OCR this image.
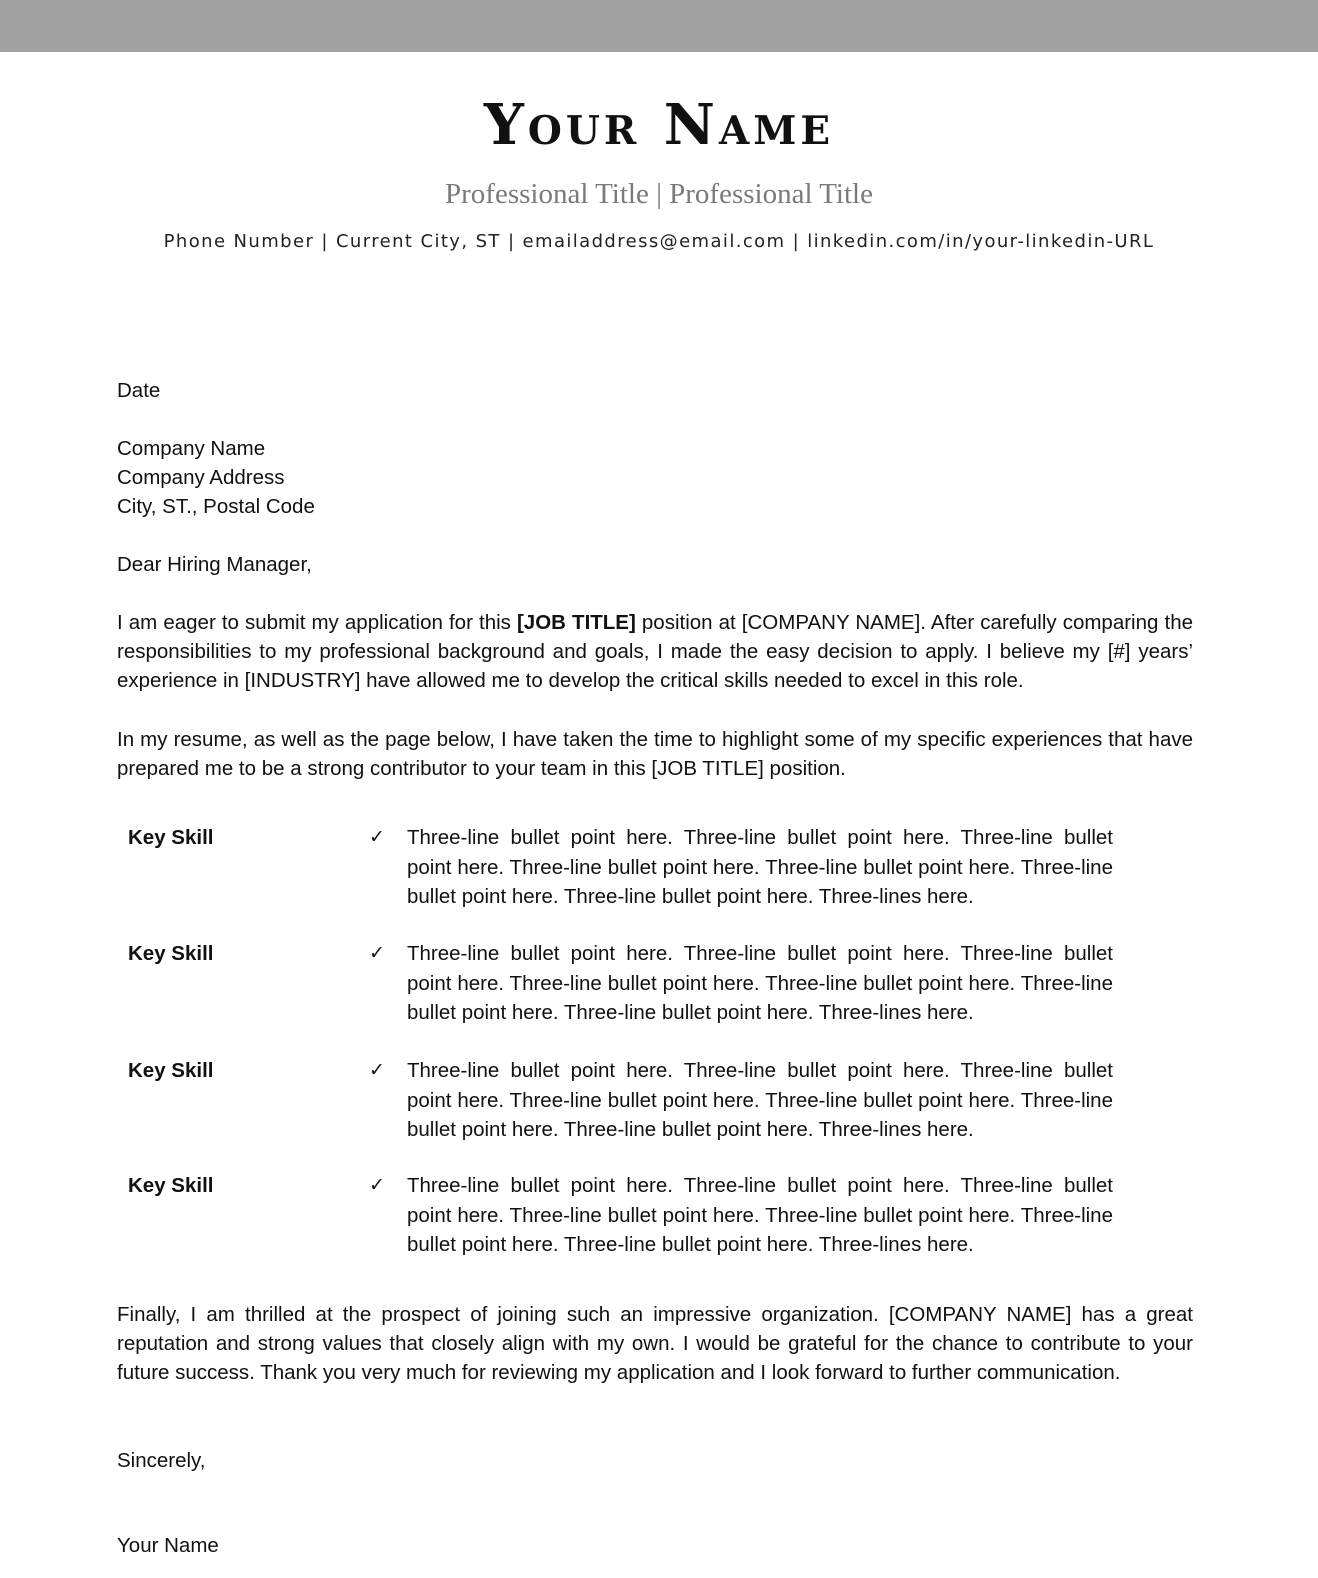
Your Name
Professional Title | Professional Title
Phone Number | Current City, ST | emailaddress@email.com | linkedin.com/in/your-linkedin-URL
Date
Company Name
Company Address
City, ST., Postal Code
Dear Hiring Manager,
I am eager to submit my application for this [JOB TITLE] position at [COMPANY NAME]. After carefully comparing the responsibilities to my professional background and goals, I made the easy decision to apply. I believe my [#] years’ experience in [INDUSTRY] have allowed me to develop the critical skills needed to excel in this role.
In my resume, as well as the page below, I have taken the time to highlight some of my specific experiences that have prepared me to be a strong contributor to your team in this [JOB TITLE] position.
Key Skill	✓ Three-line bullet point here. Three-line bullet point here. Three-line bullet point here. Three-line bullet point here. Three-line bullet point here. Three-line bullet point here. Three-line bullet point here. Three-lines here.
Key Skill	✓ Three-line bullet point here. Three-line bullet point here. Three-line bullet point here. Three-line bullet point here. Three-line bullet point here. Three-line bullet point here. Three-line bullet point here. Three-lines here.
Key Skill	✓ Three-line bullet point here. Three-line bullet point here. Three-line bullet point here. Three-line bullet point here. Three-line bullet point here. Three-line bullet point here. Three-line bullet point here. Three-lines here.
Key Skill	✓ Three-line bullet point here. Three-line bullet point here. Three-line bullet point here. Three-line bullet point here. Three-line bullet point here. Three-line bullet point here. Three-line bullet point here. Three-lines here.
Finally, I am thrilled at the prospect of joining such an impressive organization. [COMPANY NAME] has a great reputation and strong values that closely align with my own. I would be grateful for the chance to contribute to your future success. Thank you very much for reviewing my application and I look forward to further communication.
Sincerely,
Your Name
